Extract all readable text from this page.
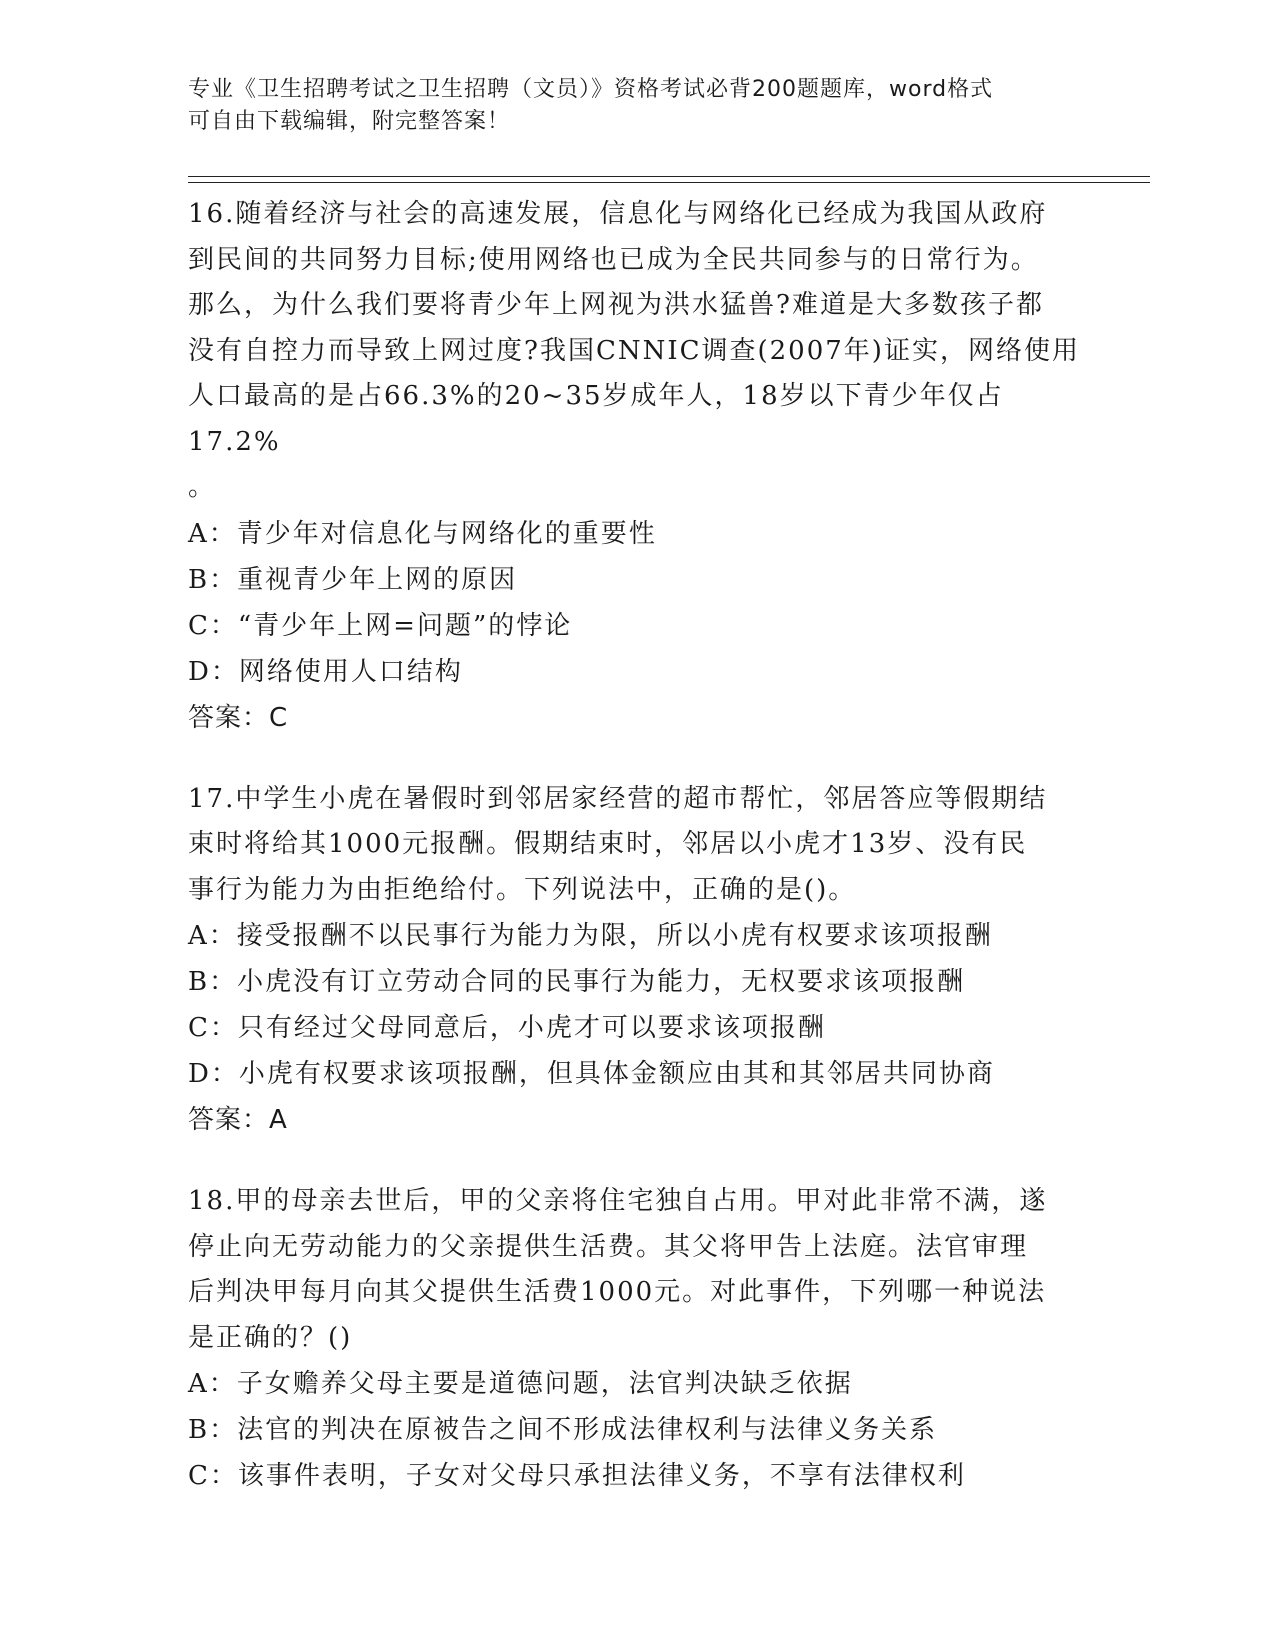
专业《卫生招聘考试之卫生招聘（文员）》资格考试必背200题题库，word格式
可自由下载编辑，附完整答案！
16.随着经济与社会的高速发展，信息化与网络化已经成为我国从政府
到民间的共同努力目标;使用网络也已成为全民共同参与的日常行为。
那么，为什么我们要将青少年上网视为洪水猛兽?难道是大多数孩子都
没有自控力而导致上网过度?我国CNNIC调查(2007年)证实，网络使用
人口最高的是占66.3%的20~35岁成年人，18岁以下青少年仅占17.2%
。
A：青少年对信息化与网络化的重要性
B：重视青少年上网的原因
C：“青少年上网=问题”的悖论
D：网络使用人口结构
答案：C
17.中学生小虎在暑假时到邻居家经营的超市帮忙，邻居答应等假期结
束时将给其1000元报酬。假期结束时，邻居以小虎才13岁、没有民
事行为能力为由拒绝给付。下列说法中，正确的是()。
A：接受报酬不以民事行为能力为限，所以小虎有权要求该项报酬
B：小虎没有订立劳动合同的民事行为能力，无权要求该项报酬
C：只有经过父母同意后，小虎才可以要求该项报酬
D：小虎有权要求该项报酬，但具体金额应由其和其邻居共同协商
答案：A
18.甲的母亲去世后，甲的父亲将住宅独自占用。甲对此非常不满，遂
停止向无劳动能力的父亲提供生活费。其父将甲告上法庭。法官审理
后判决甲每月向其父提供生活费1000元。对此事件，下列哪一种说法
是正确的？()
A：子女赡养父母主要是道德问题，法官判决缺乏依据
B：法官的判决在原被告之间不形成法律权利与法律义务关系
C：该事件表明，子女对父母只承担法律义务，不享有法律权利
